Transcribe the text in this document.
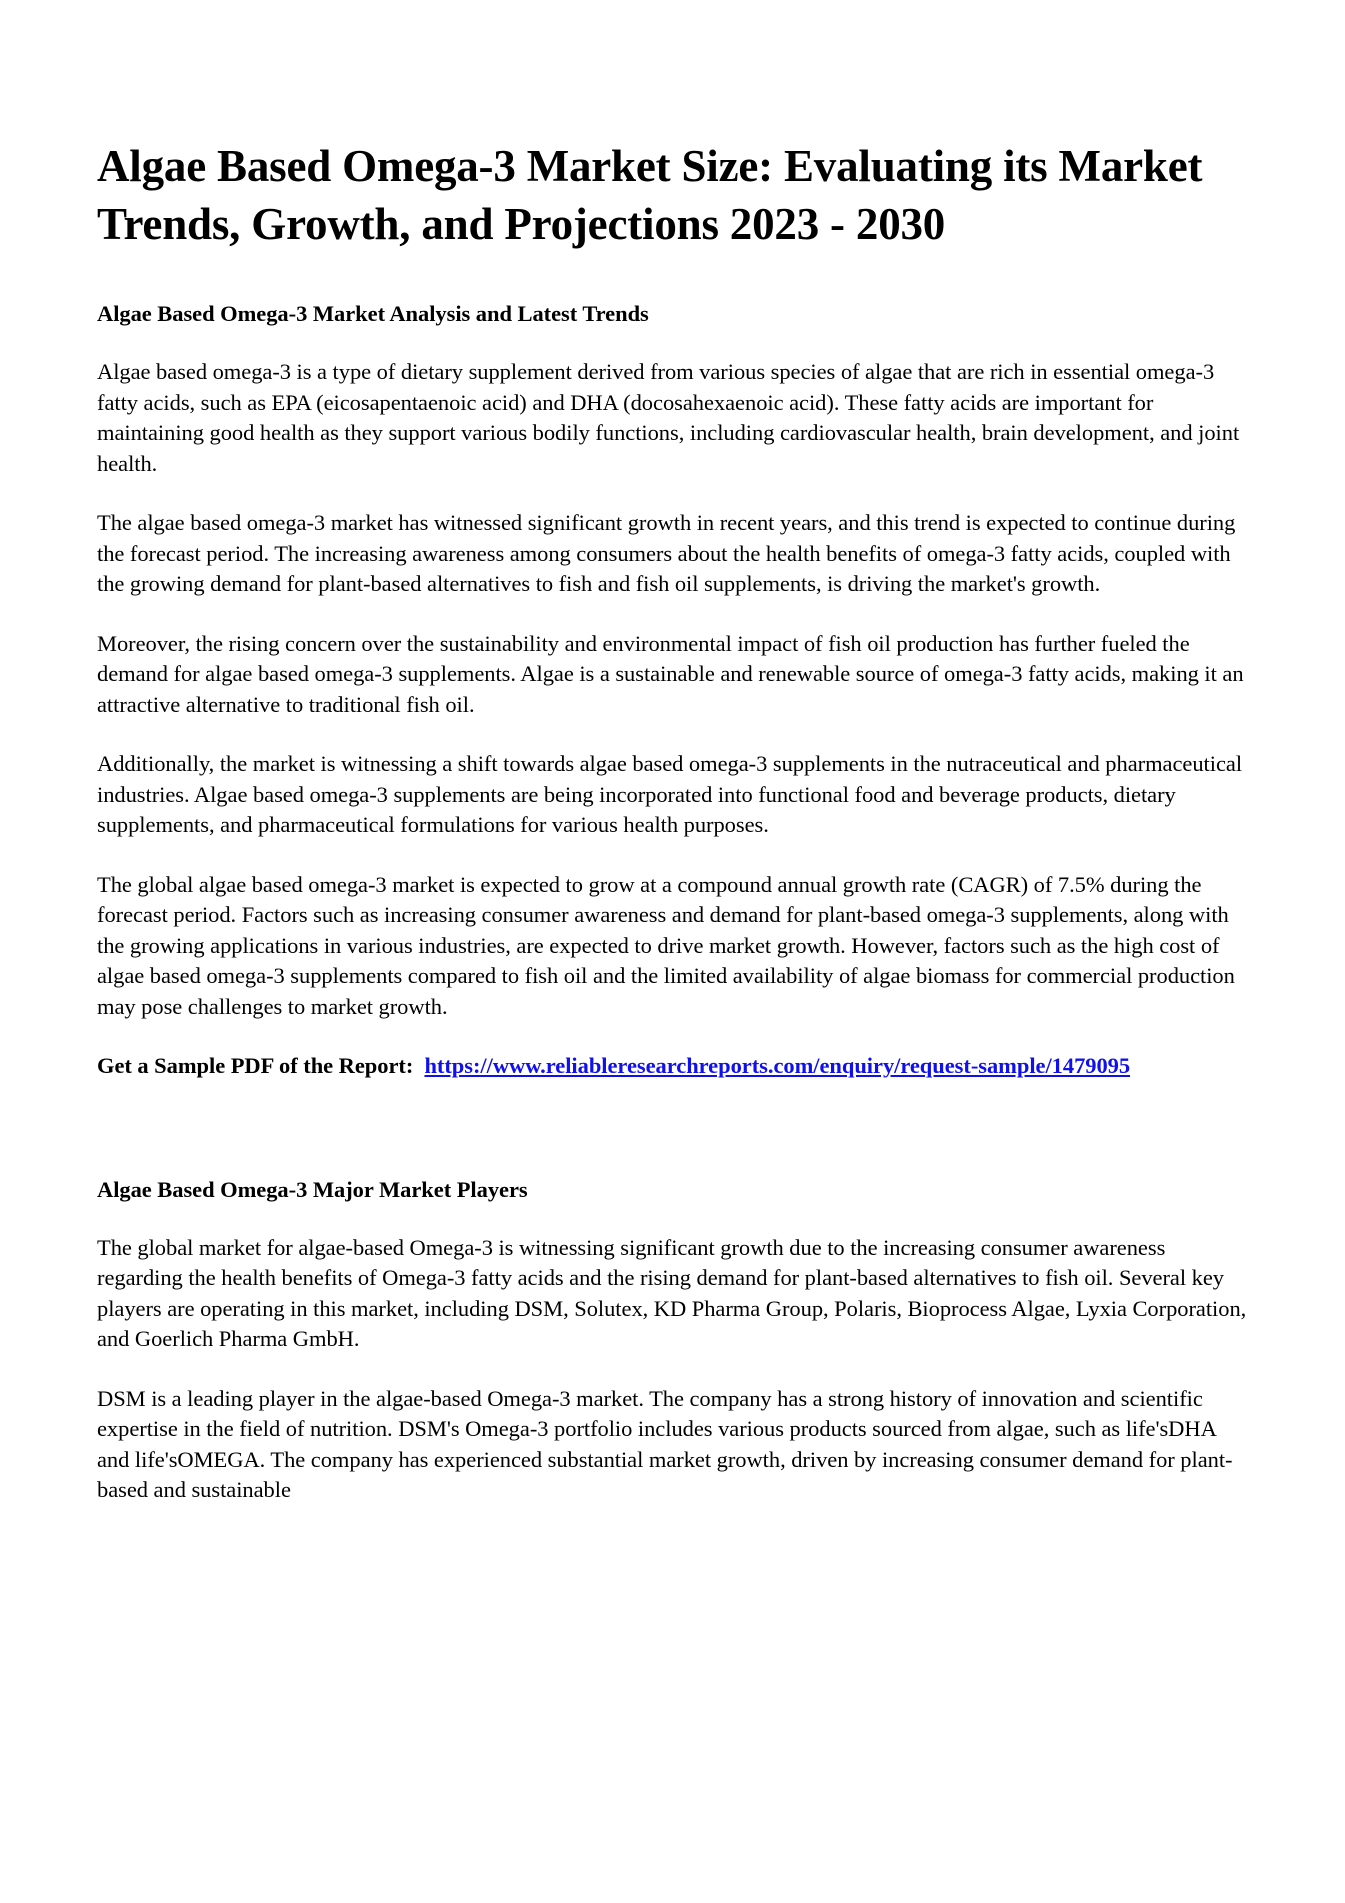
Algae Based Omega-3 Market Size: Evaluating its Market Trends, Growth, and Projections 2023 - 2030
Algae Based Omega-3 Market Analysis and Latest Trends

Algae based omega-3 is a type of dietary supplement derived from various species of algae that are rich in essential omega-3 fatty acids, such as EPA (eicosapentaenoic acid) and DHA (docosahexaenoic acid). These fatty acids are important for maintaining good health as they support various bodily functions, including cardiovascular health, brain development, and joint health.

The algae based omega-3 market has witnessed significant growth in recent years, and this trend is expected to continue during the forecast period. The increasing awareness among consumers about the health benefits of omega-3 fatty acids, coupled with the growing demand for plant-based alternatives to fish and fish oil supplements, is driving the market's growth.

Moreover, the rising concern over the sustainability and environmental impact of fish oil production has further fueled the demand for algae based omega-3 supplements. Algae is a sustainable and renewable source of omega-3 fatty acids, making it an attractive alternative to traditional fish oil.

Additionally, the market is witnessing a shift towards algae based omega-3 supplements in the nutraceutical and pharmaceutical industries. Algae based omega-3 supplements are being incorporated into functional food and beverage products, dietary supplements, and pharmaceutical formulations for various health purposes.

The global algae based omega-3 market is expected to grow at a compound annual growth rate (CAGR) of 7.5% during the forecast period. Factors such as increasing consumer awareness and demand for plant-based omega-3 supplements, along with the growing applications in various industries, are expected to drive market growth. However, factors such as the high cost of algae based omega-3 supplements compared to fish oil and the limited availability of algae biomass for commercial production may pose challenges to market growth.

Get a Sample PDF of the Report: https://www.reliableresearchreports.com/enquiry/request-sample/1479095
Algae Based Omega-3 Major Market Players

The global market for algae-based Omega-3 is witnessing significant growth due to the increasing consumer awareness regarding the health benefits of Omega-3 fatty acids and the rising demand for plant-based alternatives to fish oil. Several key players are operating in this market, including DSM, Solutex, KD Pharma Group, Polaris, Bioprocess Algae, Lyxia Corporation, and Goerlich Pharma GmbH.

DSM is a leading player in the algae-based Omega-3 market. The company has a strong history of innovation and scientific expertise in the field of nutrition. DSM's Omega-3 portfolio includes various products sourced from algae, such as life'sDHA and life'sOMEGA. The company has experienced substantial market growth, driven by increasing consumer demand for plant-based and sustainable
